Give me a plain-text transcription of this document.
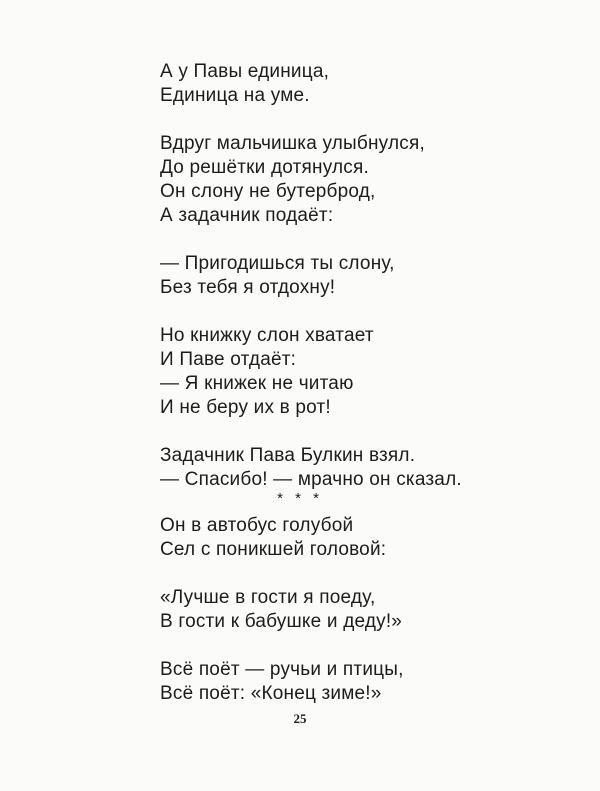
А у Павы единица,
Единица на уме.
Вдруг мальчишка улыбнулся,
До решётки дотянулся.
Он слону не бутерброд,
А задачник подаёт:
— Пригодишься ты слону,
Без тебя я отдохну!
Но книжку слон хватает
И Паве отдаёт:
— Я книжек не читаю
И не беру их в рот!
Задачник Пава Булкин взял.
— Спасибо! — мрачно он сказал.
* * *
Он в автобус голубой
Сел с поникшей головой:
«Лучше в гости я поеду,
В гости к бабушке и деду!»
Всё поёт — ручьи и птицы,
Всё поёт: «Конец зиме!»
25
